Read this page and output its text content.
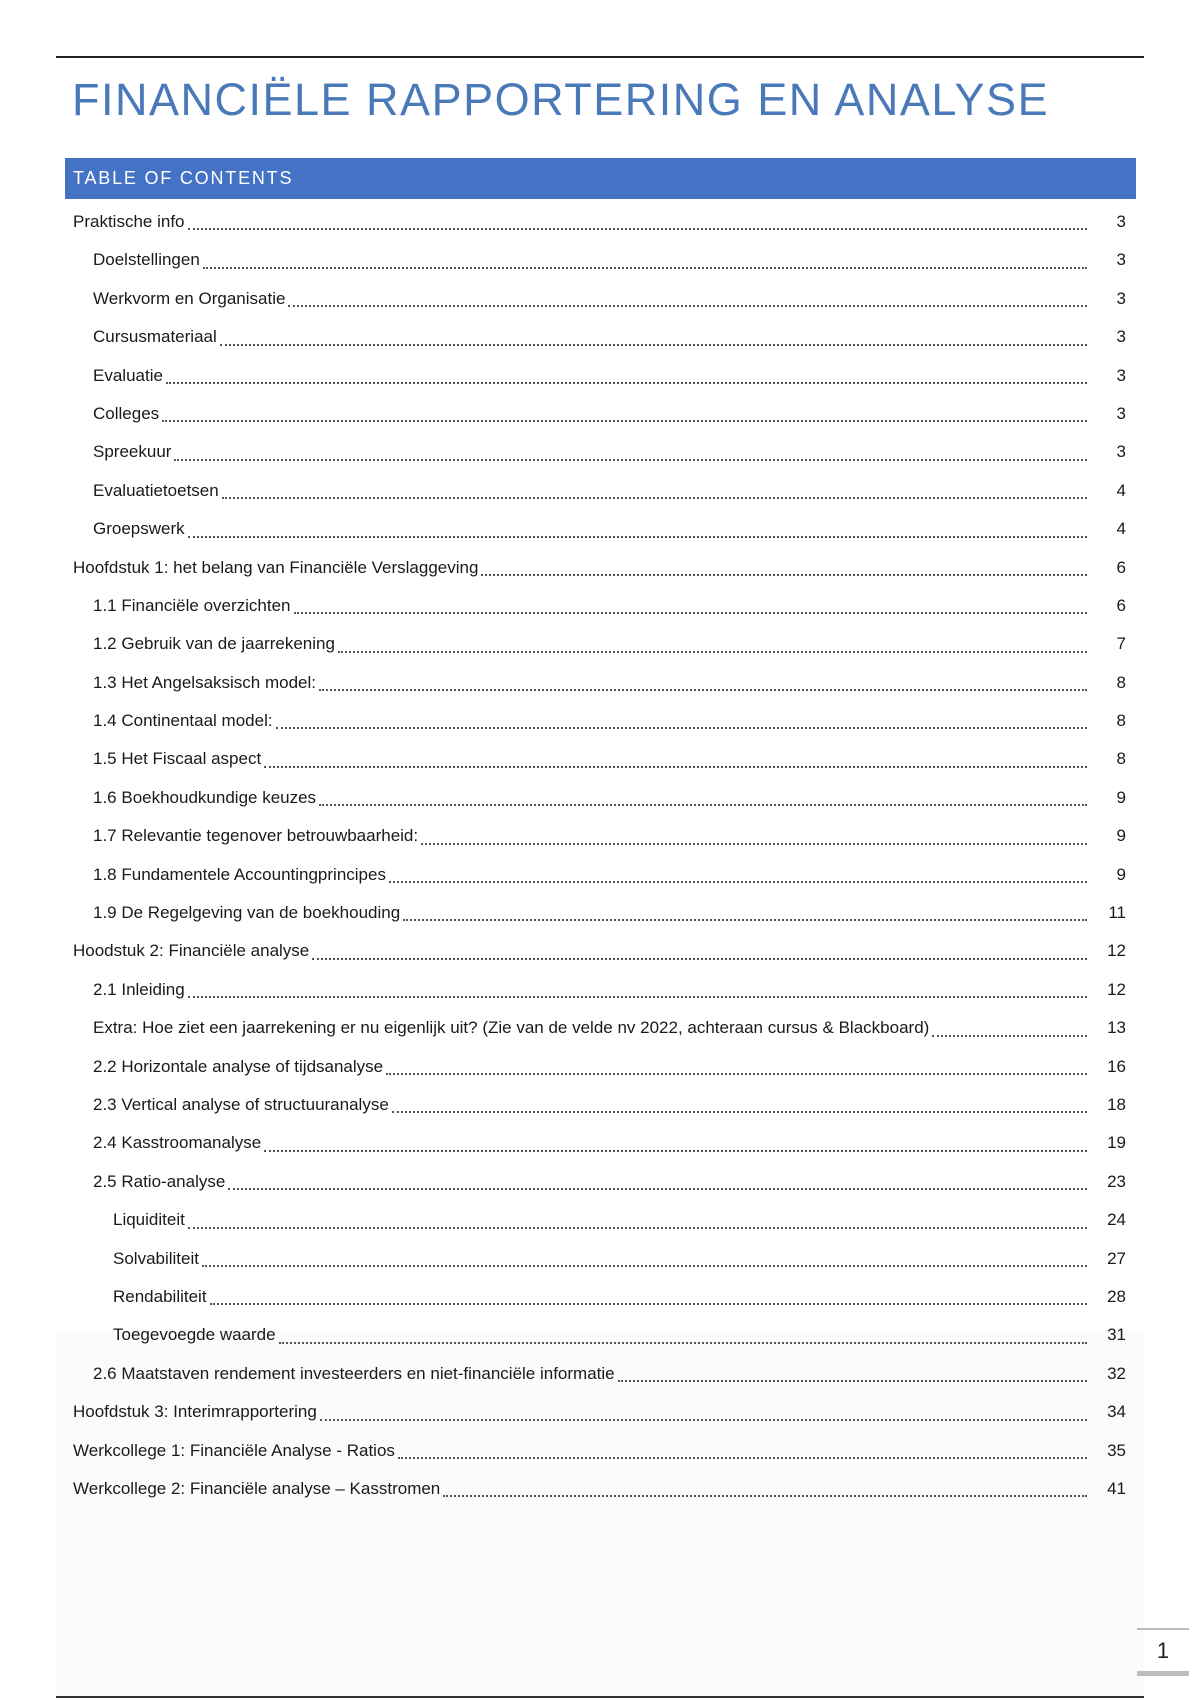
FINANCIËLE RAPPORTERING EN ANALYSE
TABLE OF CONTENTS
Praktische info	3
Doelstellingen	3
Werkvorm en Organisatie	3
Cursusmateriaal	3
Evaluatie	3
Colleges	3
Spreekuur	3
Evaluatietoetsen	4
Groepswerk	4
Hoofdstuk 1: het belang van Financiële Verslaggeving	6
1.1 Financiële overzichten	6
1.2 Gebruik van de jaarrekening	7
1.3 Het Angelsaksisch model:	8
1.4 Continentaal model:	8
1.5 Het Fiscaal aspect	8
1.6 Boekhoudkundige keuzes	9
1.7 Relevantie tegenover betrouwbaarheid:	9
1.8 Fundamentele Accountingprincipes	9
1.9 De Regelgeving van de boekhouding	11
Hoodstuk 2: Financiële analyse	12
2.1 Inleiding	12
Extra: Hoe ziet een jaarrekening er nu eigenlijk uit? (Zie van de velde nv 2022, achteraan cursus & Blackboard)	13
2.2 Horizontale analyse of tijdsanalyse	16
2.3 Vertical analyse of structuuranalyse	18
2.4 Kasstroomanalyse	19
2.5 Ratio-analyse	23
Liquiditeit	24
Solvabiliteit	27
Rendabiliteit	28
Toegevoegde waarde	31
2.6 Maatstaven rendement investeerders en niet-financiële informatie	32
Hoofdstuk 3: Interimrapportering	34
Werkcollege 1: Financiële Analyse - Ratios	35
Werkcollege 2: Financiële analyse – Kasstromen	41
1
